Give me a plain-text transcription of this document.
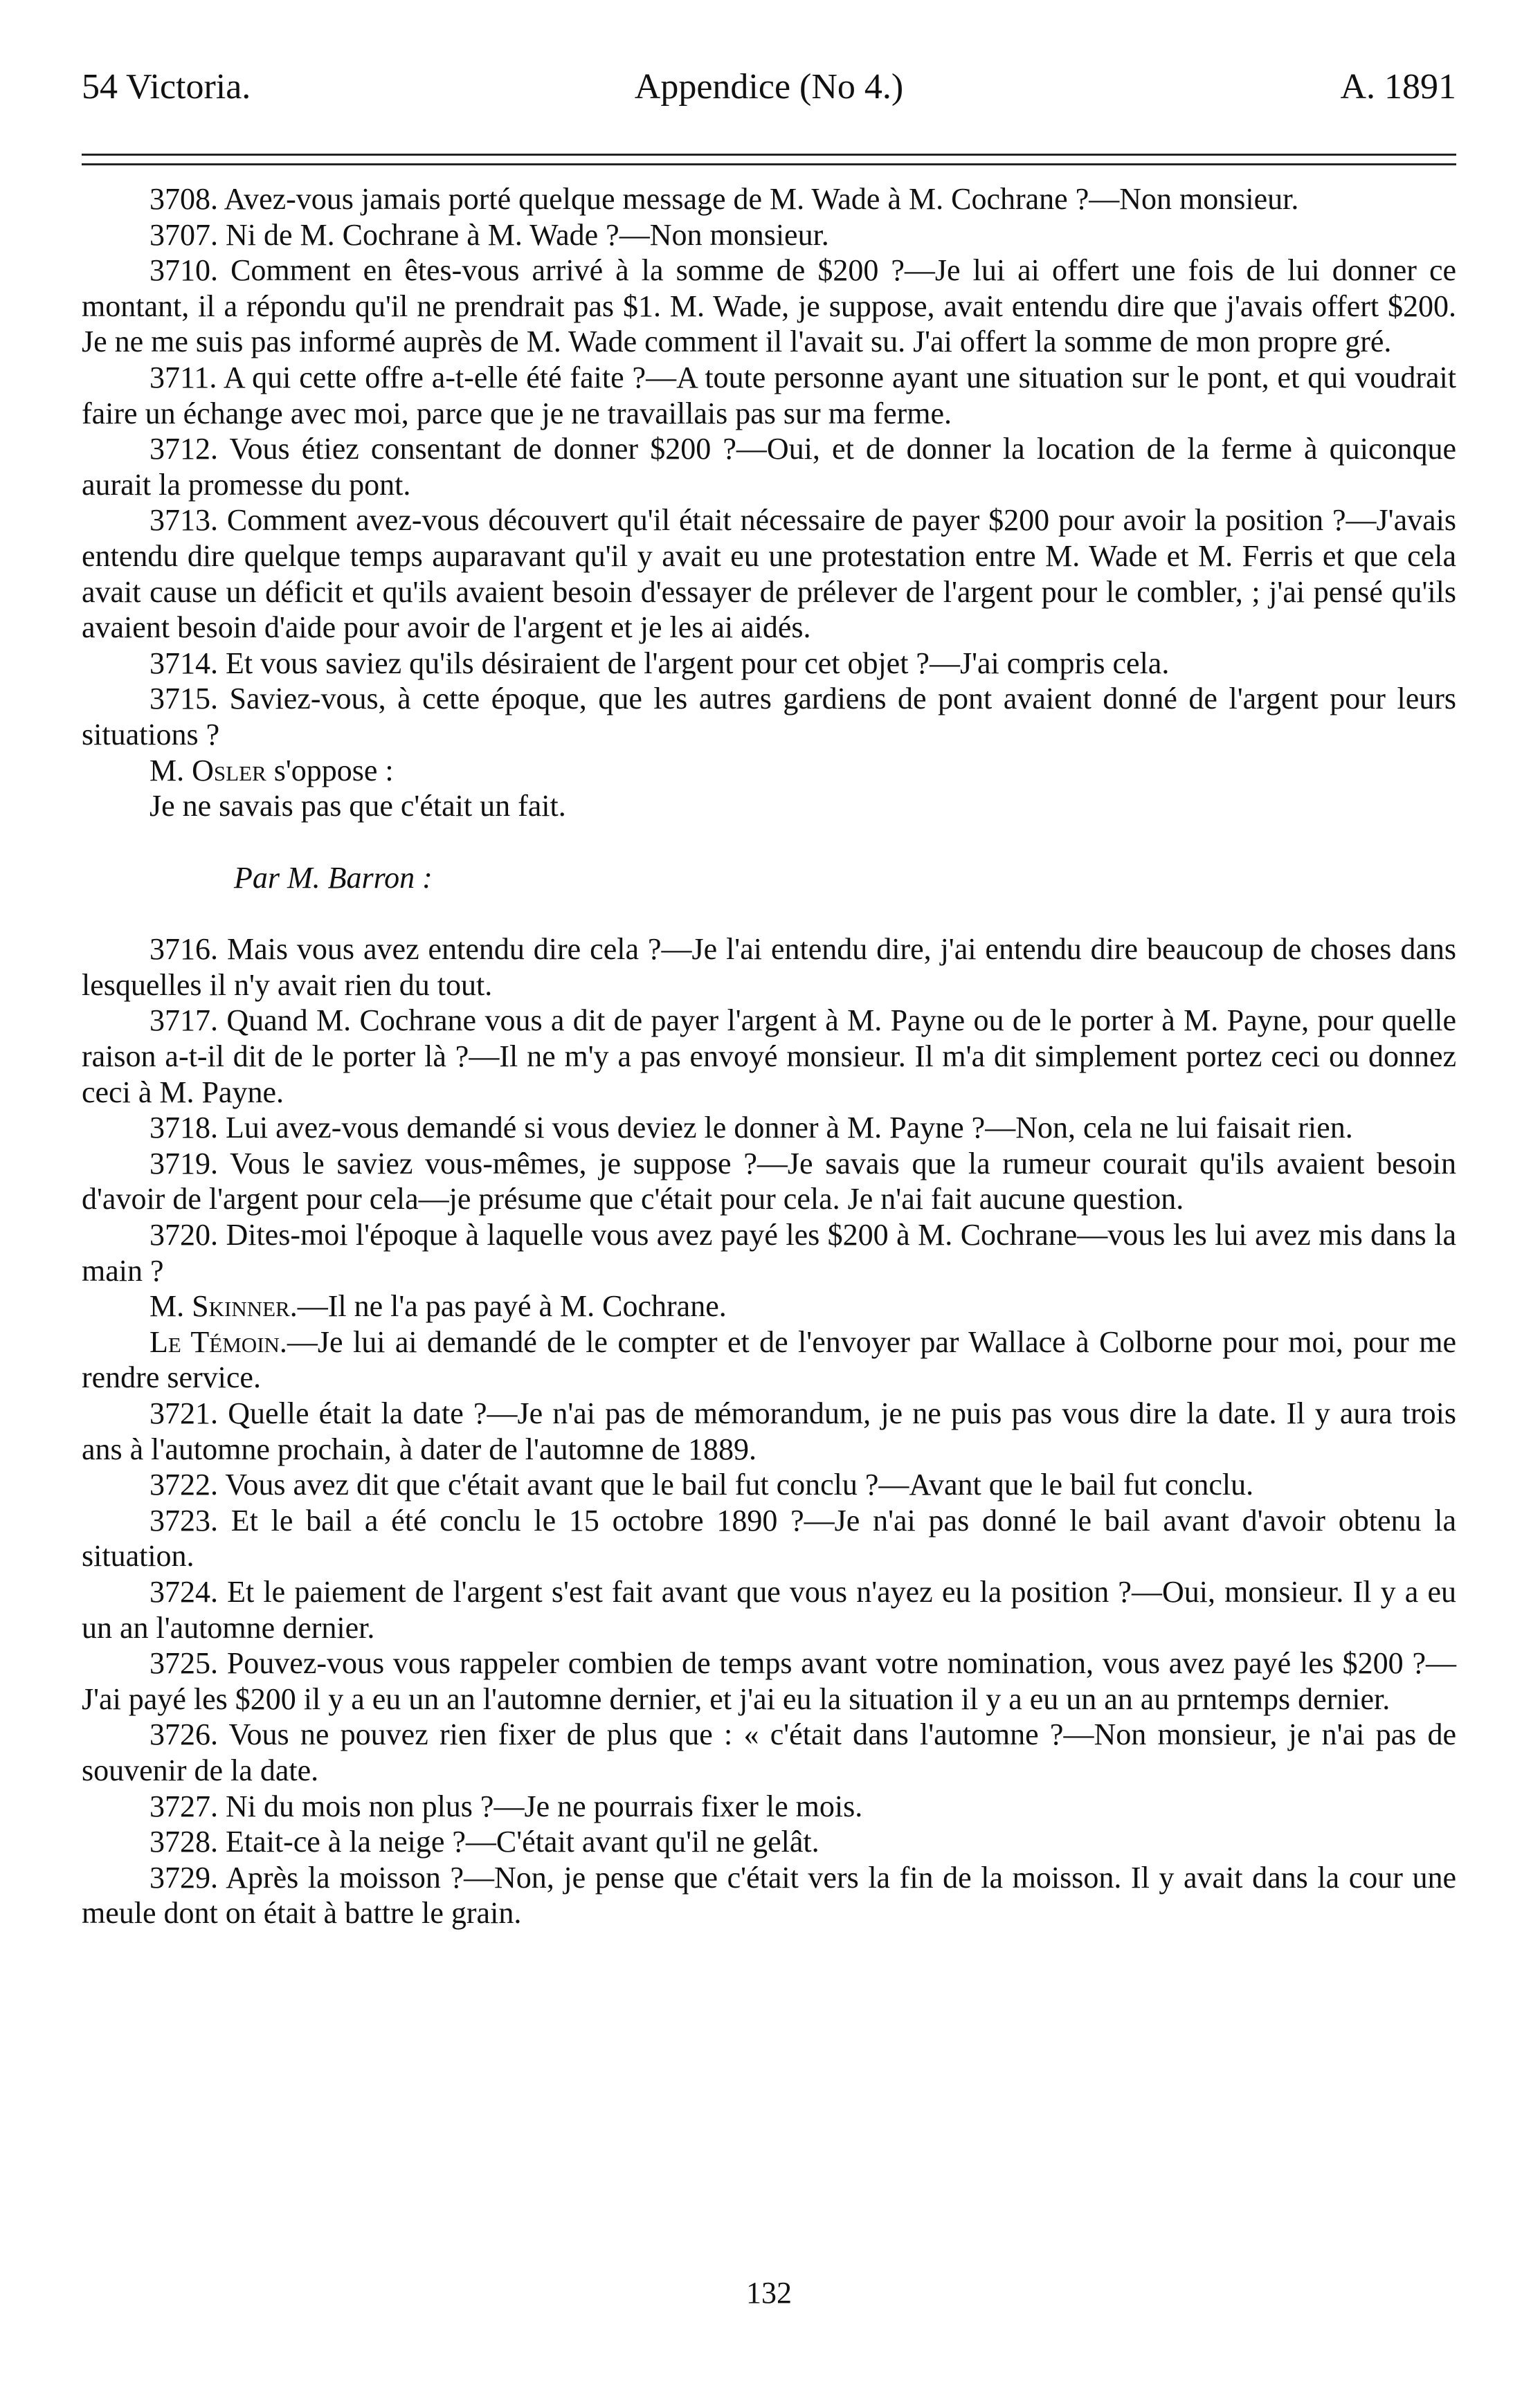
54 Victoria.	Appendice (No 4.)	A. 1891

3708. Avez-vous jamais porté quelque message de M. Wade à M. Cochrane ?—Non monsieur.

3707. Ni de M. Cochrane à M. Wade ?—Non monsieur.

3710. Comment en êtes-vous arrivé à la somme de $200 ?—Je lui ai offert une fois de lui donner ce montant, il a répondu qu'il ne prendrait pas $1. M. Wade, je suppose, avait entendu dire que j'avais offert $200. Je ne me suis pas informé auprès de M. Wade comment il l'avait su. J'ai offert la somme de mon propre gré.

3711. A qui cette offre a-t-elle été faite ?—A toute personne ayant une situation sur le pont, et qui voudrait faire un échange avec moi, parce que je ne travaillais pas sur ma ferme.

3712. Vous étiez consentant de donner $200 ?—Oui, et de donner la location de la ferme à quiconque aurait la promesse du pont.

3713. Comment avez-vous découvert qu'il était nécessaire de payer $200 pour avoir la position ?—J'avais entendu dire quelque temps auparavant qu'il y avait eu une protestation entre M. Wade et M. Ferris et que cela avait cause un déficit et qu'ils avaient besoin d'essayer de prélever de l'argent pour le combler, ; j'ai pensé qu'ils avaient besoin d'aide pour avoir de l'argent et je les ai aidés.

3714. Et vous saviez qu'ils désiraient de l'argent pour cet objet ?—J'ai compris cela.

3715. Saviez-vous, à cette époque, que les autres gardiens de pont avaient donné de l'argent pour leurs situations ?

M. Osler s'oppose :

Je ne savais pas que c'était un fait.

Par M. Barron :

3716. Mais vous avez entendu dire cela ?—Je l'ai entendu dire, j'ai entendu dire beaucoup de choses dans lesquelles il n'y avait rien du tout.

3717. Quand M. Cochrane vous a dit de payer l'argent à M. Payne ou de le porter à M. Payne, pour quelle raison a-t-il dit de le porter là ?—Il ne m'y a pas envoyé monsieur. Il m'a dit simplement portez ceci ou donnez ceci à M. Payne.

3718. Lui avez-vous demandé si vous deviez le donner à M. Payne ?—Non, cela ne lui faisait rien.

3719. Vous le saviez vous-mêmes, je suppose ?—Je savais que la rumeur courait qu'ils avaient besoin d'avoir de l'argent pour cela—je présume que c'était pour cela. Je n'ai fait aucune question.

3720. Dites-moi l'époque à laquelle vous avez payé les $200 à M. Cochrane—vous les lui avez mis dans la main ?

M. Skinner.—Il ne l'a pas payé à M. Cochrane.

Le Témoin.—Je lui ai demandé de le compter et de l'envoyer par Wallace à Colborne pour moi, pour me rendre service.

3721. Quelle était la date ?—Je n'ai pas de mémorandum, je ne puis pas vous dire la date. Il y aura trois ans à l'automne prochain, à dater de l'automne de 1889.

3722. Vous avez dit que c'était avant que le bail fut conclu ?—Avant que le bail fut conclu.

3723. Et le bail a été conclu le 15 octobre 1890 ?—Je n'ai pas donné le bail avant d'avoir obtenu la situation.

3724. Et le paiement de l'argent s'est fait avant que vous n'ayez eu la position ?—Oui, monsieur. Il y a eu un an l'automne dernier.

3725. Pouvez-vous vous rappeler combien de temps avant votre nomination, vous avez payé les $200 ?—J'ai payé les $200 il y a eu un an l'automne dernier, et j'ai eu la situation il y a eu un an au prntemps dernier.

3726. Vous ne pouvez rien fixer de plus que : « c'était dans l'automne ?—Non monsieur, je n'ai pas de souvenir de la date.

3727. Ni du mois non plus ?—Je ne pourrais fixer le mois.

3728. Etait-ce à la neige ?—C'était avant qu'il ne gelât.

3729. Après la moisson ?—Non, je pense que c'était vers la fin de la moisson. Il y avait dans la cour une meule dont on était à battre le grain.

132
